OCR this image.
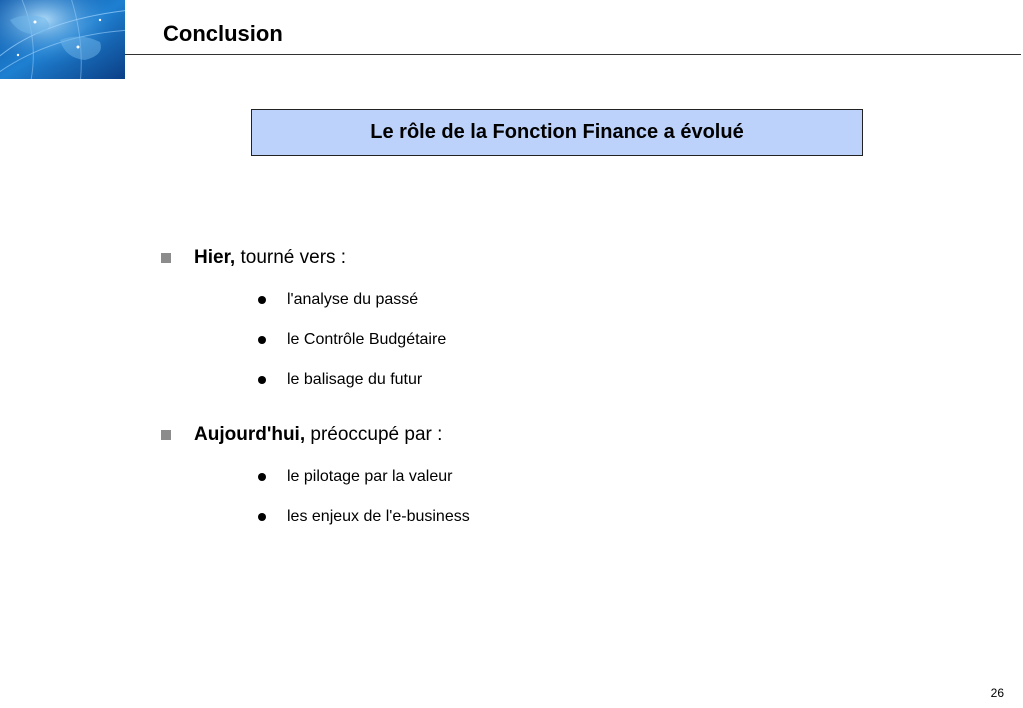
Conclusion
Le rôle de la Fonction Finance a évolué
Hier, tourné vers :
l'analyse du passé
le Contrôle Budgétaire
le balisage du futur
Aujourd'hui, préoccupé par :
le pilotage par la valeur
les enjeux de l'e-business
26
